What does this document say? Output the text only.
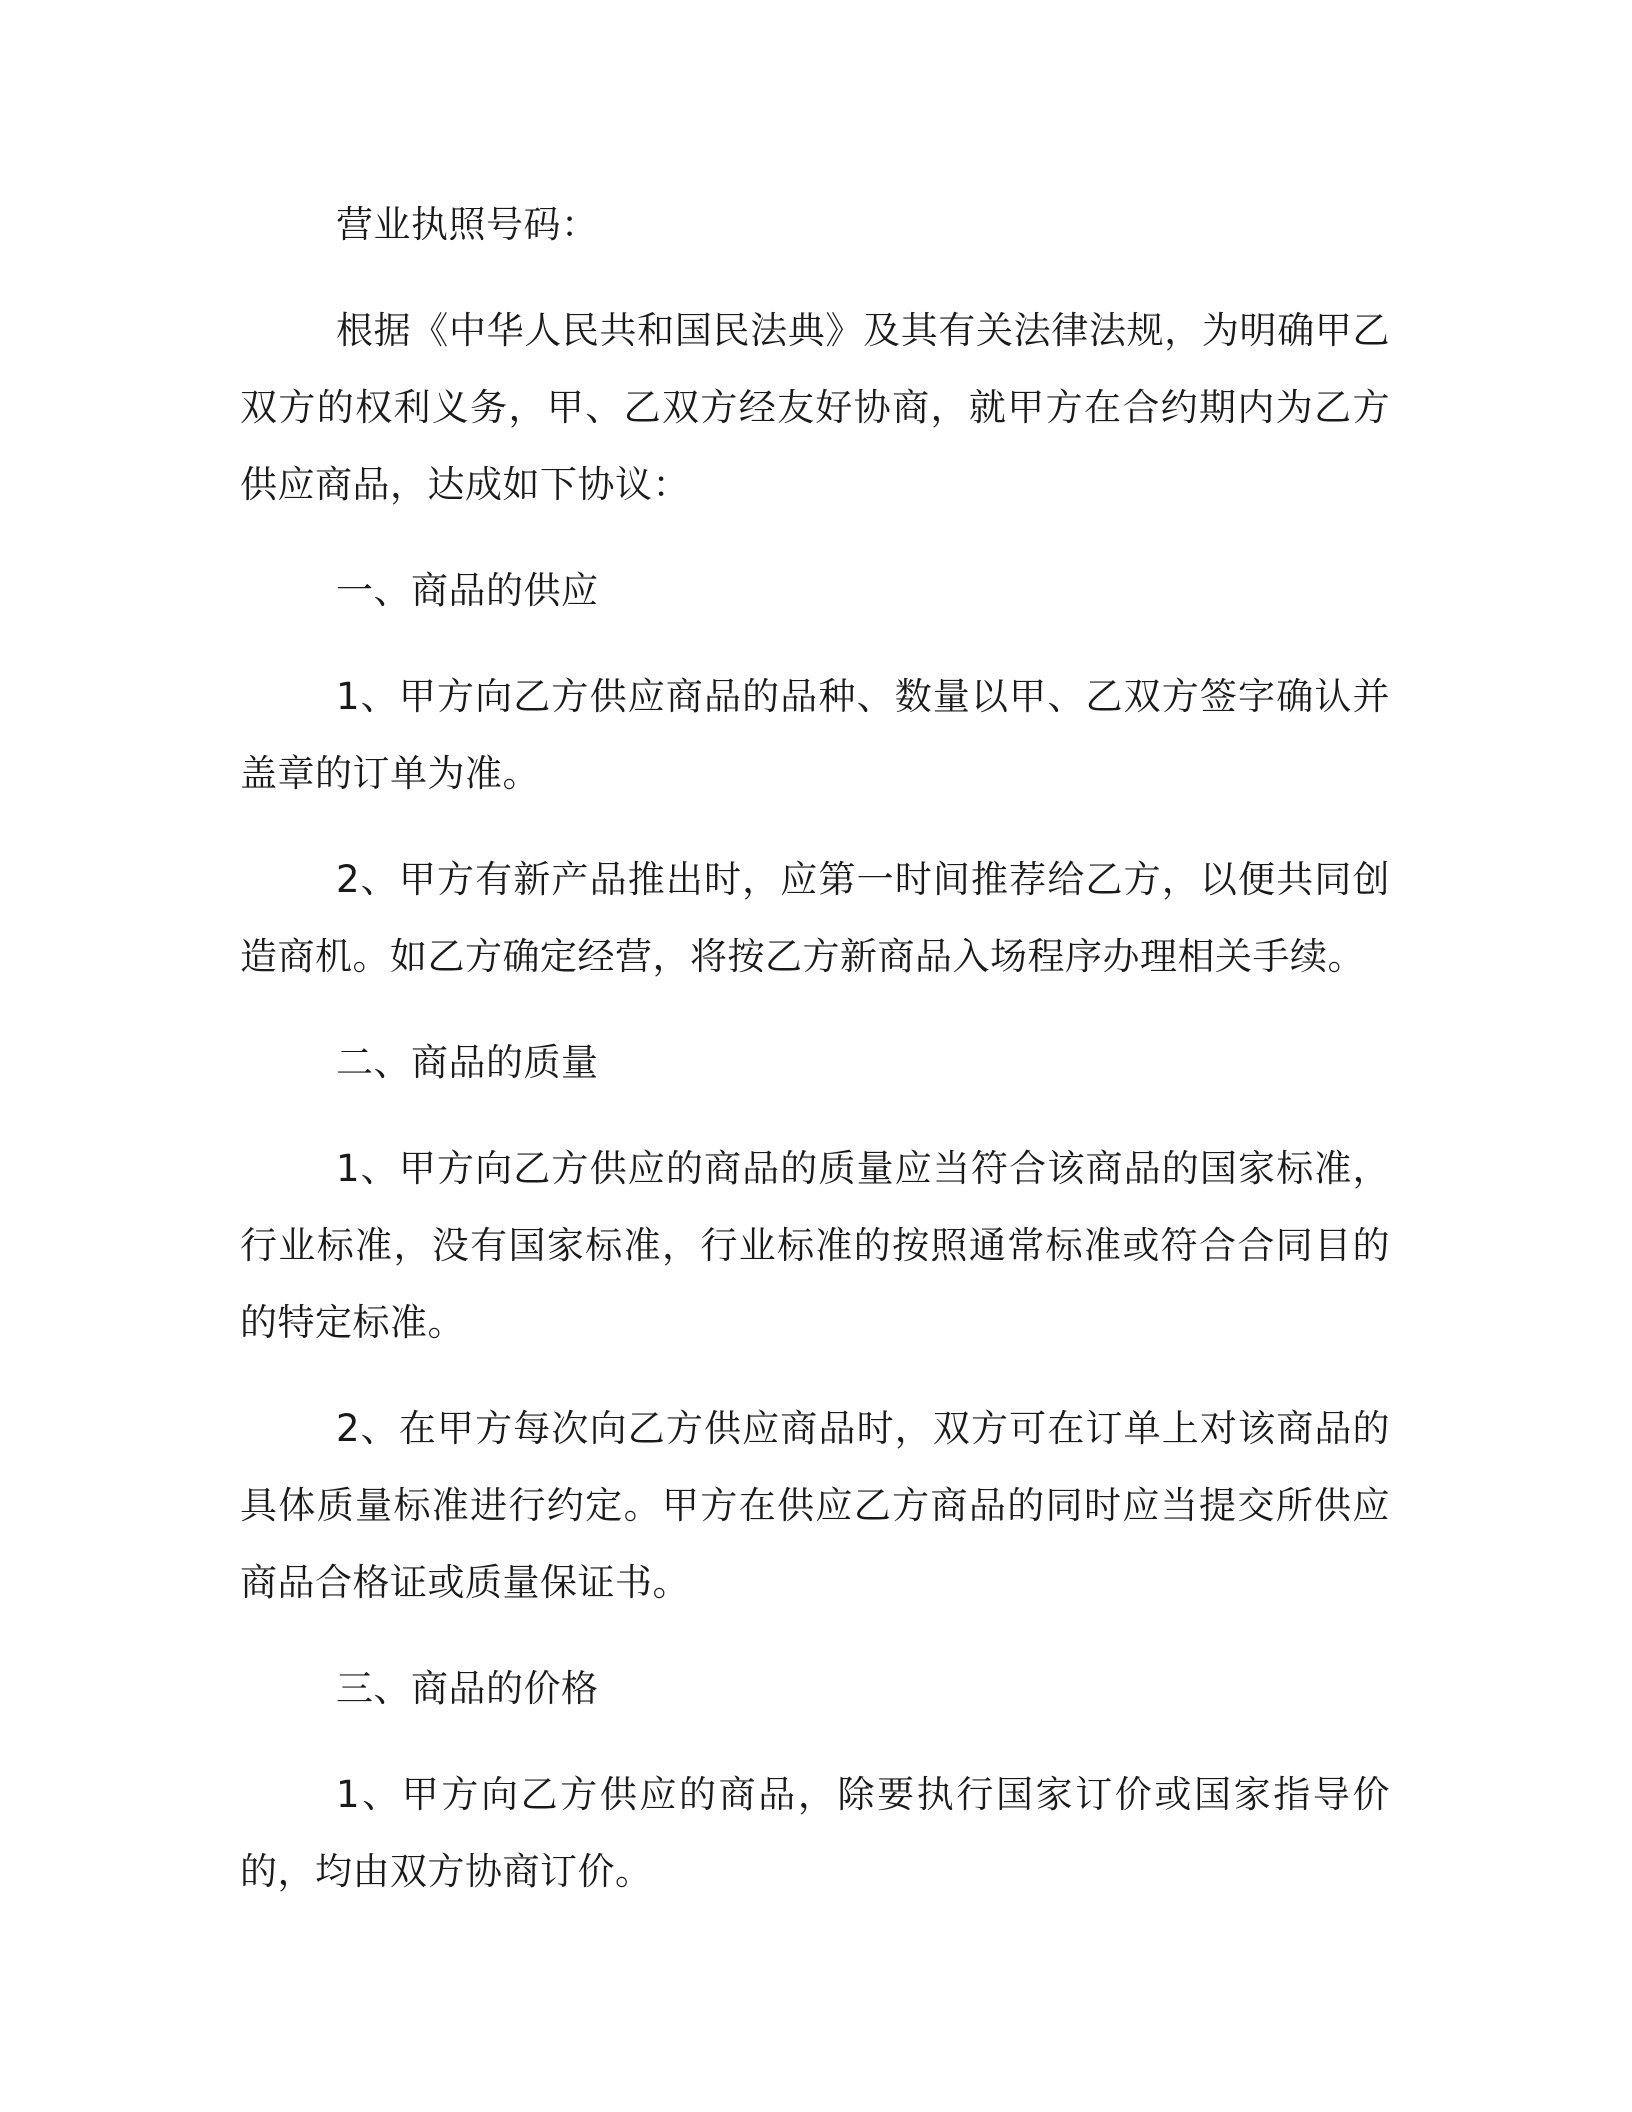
营业执照号码：

根据《中华人民共和国民法典》及其有关法律法规，为明确甲乙双方的权利义务，甲、乙双方经友好协商，就甲方在合约期内为乙方供应商品，达成如下协议：

一、商品的供应

1、甲方向乙方供应商品的品种、数量以甲、乙双方签字确认并盖章的订单为准。

2、甲方有新产品推出时，应第一时间推荐给乙方，以便共同创造商机。如乙方确定经营，将按乙方新商品入场程序办理相关手续。

二、商品的质量

1、甲方向乙方供应的商品的质量应当符合该商品的国家标准，行业标准，没有国家标准，行业标准的按照通常标准或符合合同目的的特定标准。

2、在甲方每次向乙方供应商品时，双方可在订单上对该商品的具体质量标准进行约定。甲方在供应乙方商品的同时应当提交所供应商品合格证或质量保证书。

三、商品的价格

1、甲方向乙方供应的商品，除要执行国家订价或国家指导价的，均由双方协商订价。
